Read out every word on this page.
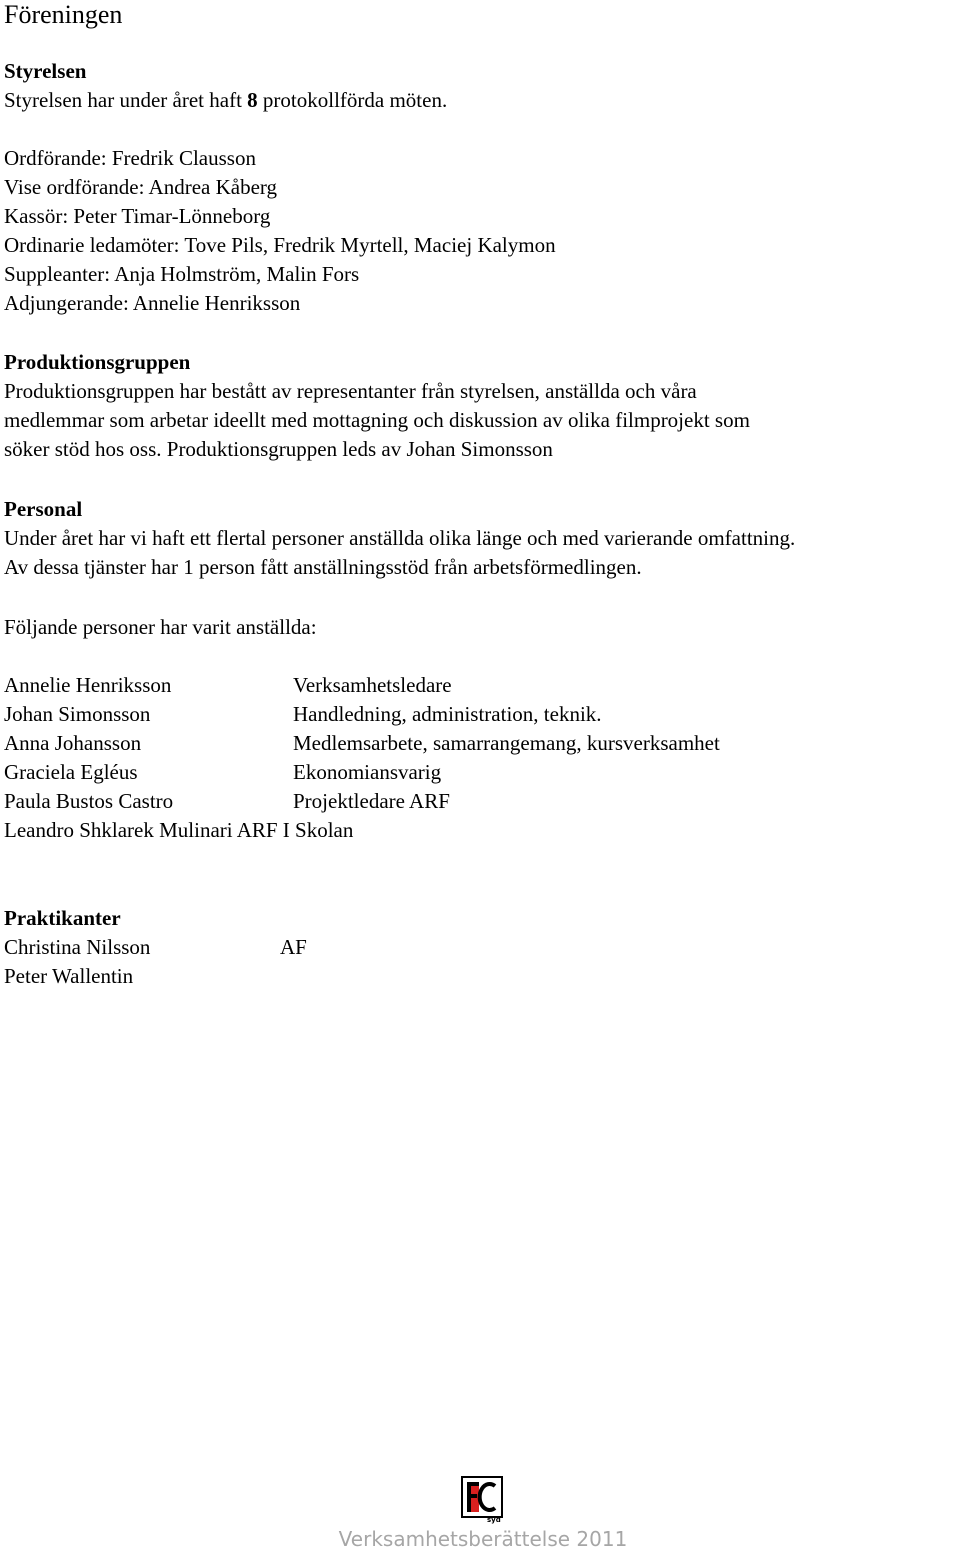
Föreningen
Styrelsen
Styrelsen har under året haft 8 protokollförda möten.
Ordförande: Fredrik Clausson
Vise ordförande: Andrea Kåberg
Kassör: Peter Timar-Lönneborg
Ordinarie ledamöter: Tove Pils, Fredrik Myrtell, Maciej Kalymon
Suppleanter: Anja Holmström, Malin Fors
Adjungerande: Annelie Henriksson
Produktionsgruppen
Produktionsgruppen har bestått av representanter från styrelsen, anställda och våra
medlemmar som arbetar ideellt med mottagning och diskussion av olika filmprojekt som
söker stöd hos oss. Produktionsgruppen leds av Johan Simonsson
Personal
Under året har vi haft ett flertal personer anställda olika länge och med varierande omfattning.
Av dessa tjänster har 1 person fått anställningsstöd från arbetsförmedlingen.
Följande personer har varit anställda:
Annelie Henriksson	Verksamhetsledare
Johan Simonsson	Handledning, administration, teknik.
Anna Johansson	Medlemsarbete, samarrangemang, kursverksamhet
Graciela Egléus	Ekonomiansvarig
Paula Bustos Castro	Projektledare ARF
Leandro Shklarek Mulinari ARF I Skolan
Praktikanter
Christina Nilsson	AF
Peter Wallentin
syd
Verksamhetsberättelse 2011
